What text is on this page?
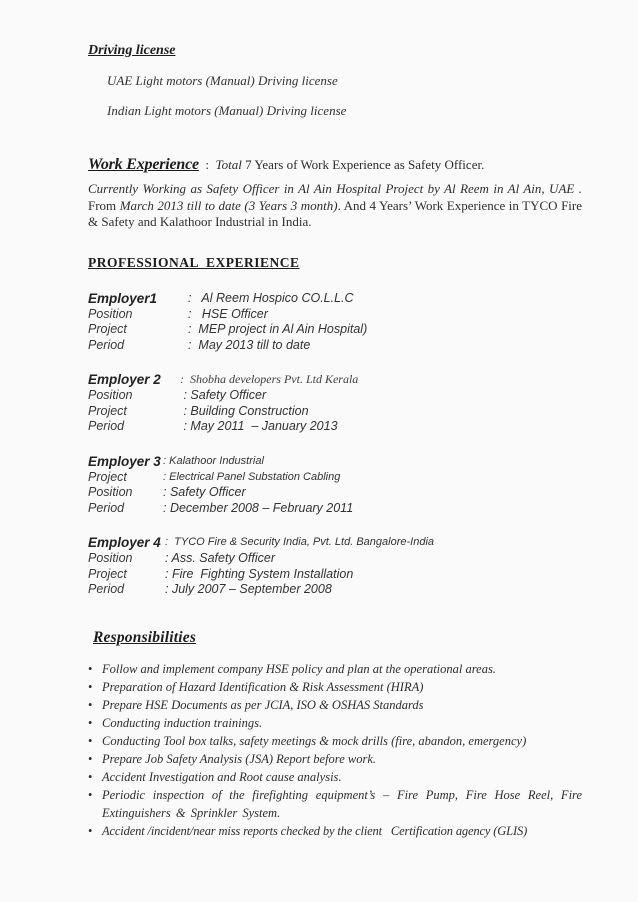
Driving license
UAE Light motors (Manual) Driving license
Indian Light motors (Manual) Driving license
Work Experience  :  Total 7 Years of Work Experience as Safety Officer.

Currently Working as Safety Officer in Al Ain Hospital Project by Al Reem in Al Ain, UAE . From March 2013 till to date (3 Years 3 month). And 4 Years’ Work Experience in TYCO Fire & Safety and Kalathoor Industrial in India.

PROFESSIONAL  EXPERIENCE
Employer1	:   Al Reem Hospico CO.L.L.C
Position	:   HSE Officer
Project	:  MEP project in Al Ain Hospital)
Period	:  May 2013 till to date
Employer 2	:  Shobha developers Pvt. Ltd Kerala
Position	: Safety Officer
Project	: Building Construction
Period	: May 2011  – January 2013
Employer 3 : Kalathoor Industrial
Project	: Electrical Panel Substation Cabling
Position	: Safety Officer
Period	: December 2008 – February 2011
Employer 4 :  TYCO Fire & Security India, Pvt. Ltd. Bangalore-India
Position	: Ass. Safety Officer
Project	: Fire  Fighting System Installation
Period	: July 2007 – September 2008
Responsibilities
•
Follow and implement company HSE policy and plan at the operational areas.
•
Preparation of Hazard Identification & Risk Assessment (HIRA)
•
Prepare HSE Documents as per JCIA, ISO & OSHAS Standards
•
Conducting induction trainings.
•
Conducting Tool box talks, safety meetings & mock drills (fire, abandon, emergency)
•
Prepare Job Safety Analysis (JSA) Report before work.
•
Accident Investigation and Root cause analysis.
•
Periodic inspection of the firefighting equipment’s – Fire Pump, Fire Hose Reel, Fire Extinguishers & Sprinkler System.
•
Accident /incident/near miss reports checked by the client   Certification agency (GLIS)
